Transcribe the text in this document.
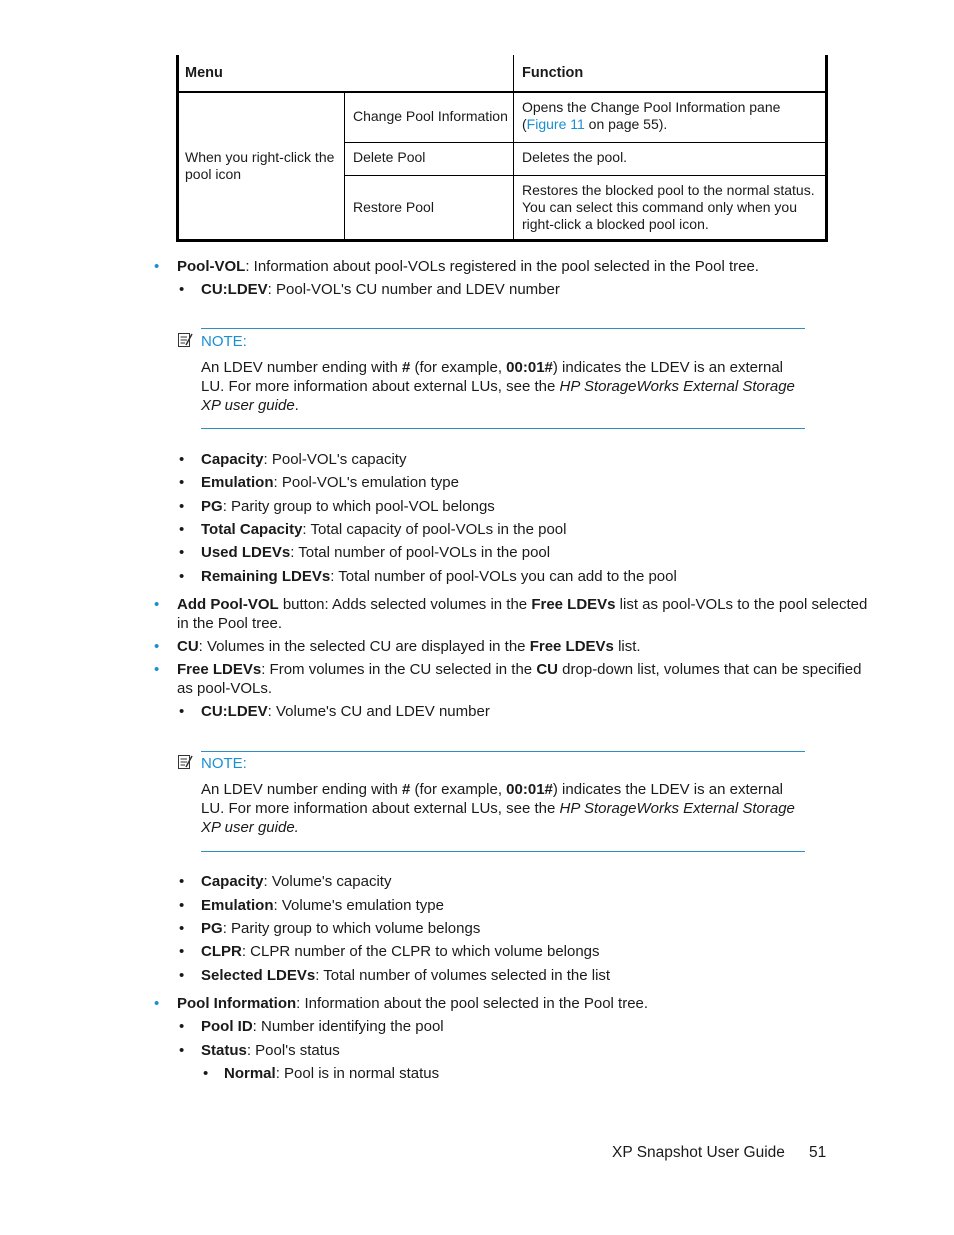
Menu	Function
When you right-click the pool icon
Change Pool Information
Opens the Change Pool Information pane (Figure 11 on page 55).
Delete Pool	Deletes the pool.
Restore Pool
Restores the blocked pool to the normal status. You can select this command only when you right-click a blocked pool icon.
• Pool-VOL: Information about pool-VOLs registered in the pool selected in the Pool tree.
• CU:LDEV: Pool-VOL's CU number and LDEV number
NOTE:
An LDEV number ending with # (for example, 00:01#) indicates the LDEV is an external LU. For more information about external LUs, see the HP StorageWorks External Storage XP user guide.
• Capacity: Pool-VOL's capacity
• Emulation: Pool-VOL's emulation type
• PG: Parity group to which pool-VOL belongs
• Total Capacity: Total capacity of pool-VOLs in the pool
• Used LDEVs: Total number of pool-VOLs in the pool
• Remaining LDEVs: Total number of pool-VOLs you can add to the pool
• Add Pool-VOL button: Adds selected volumes in the Free LDEVs list as pool-VOLs to the pool selected
in the Pool tree.
• CU: Volumes in the selected CU are displayed in the Free LDEVs list.
• Free LDEVs: From volumes in the CU selected in the CU drop-down list, volumes that can be specified
as pool-VOLs.
• CU:LDEV: Volume's CU and LDEV number
NOTE:
An LDEV number ending with # (for example, 00:01#) indicates the LDEV is an external LU. For more information about external LUs, see the HP StorageWorks External Storage XP user guide.
• Capacity: Volume's capacity
• Emulation: Volume's emulation type
• PG: Parity group to which volume belongs
• CLPR: CLPR number of the CLPR to which volume belongs
• Selected LDEVs: Total number of volumes selected in the list
• Pool Information: Information about the pool selected in the Pool tree.
• Pool ID: Number identifying the pool
• Status: Pool's status
• Normal: Pool is in normal status
XP Snapshot User Guide 51
